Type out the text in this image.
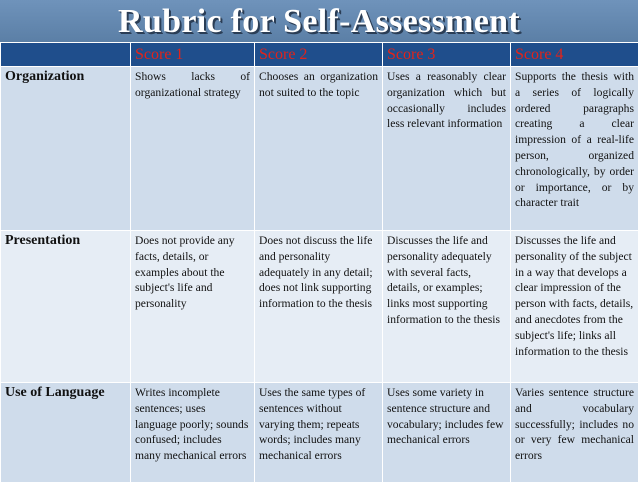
Rubric for Self-Assessment
	Score 1	Score 2	Score 3	Score 4
Organization	Shows lacks of organizational strategy	Chooses an organization not suited to the topic	Uses a reasonably clear organization which but occasionally includes less relevant information	Supports the thesis with a series of logically ordered paragraphs creating a clear impression of a real-life person, organized chronologically, by order or importance, or by character trait
Presentation	Does not provide any facts, details, or examples about the subject's life and personality	Does not discuss the life and personality adequately in any detail; does not link supporting information to the thesis	Discusses the life and personality adequately with several facts, details, or examples; links most supporting information to the thesis	Discusses the life and personality of the subject in a way that develops a clear impression of the person with facts, details, and anecdotes from the subject's life; links all information to the thesis
Use of Language	Writes incomplete sentences; uses language poorly; sounds confused; includes many mechanical errors	Uses the same types of sentences without varying them; repeats words; includes many mechanical errors	Uses some variety in sentence structure and vocabulary; includes few mechanical errors	Varies sentence structure and vocabulary successfully; includes no or very few mechanical errors
